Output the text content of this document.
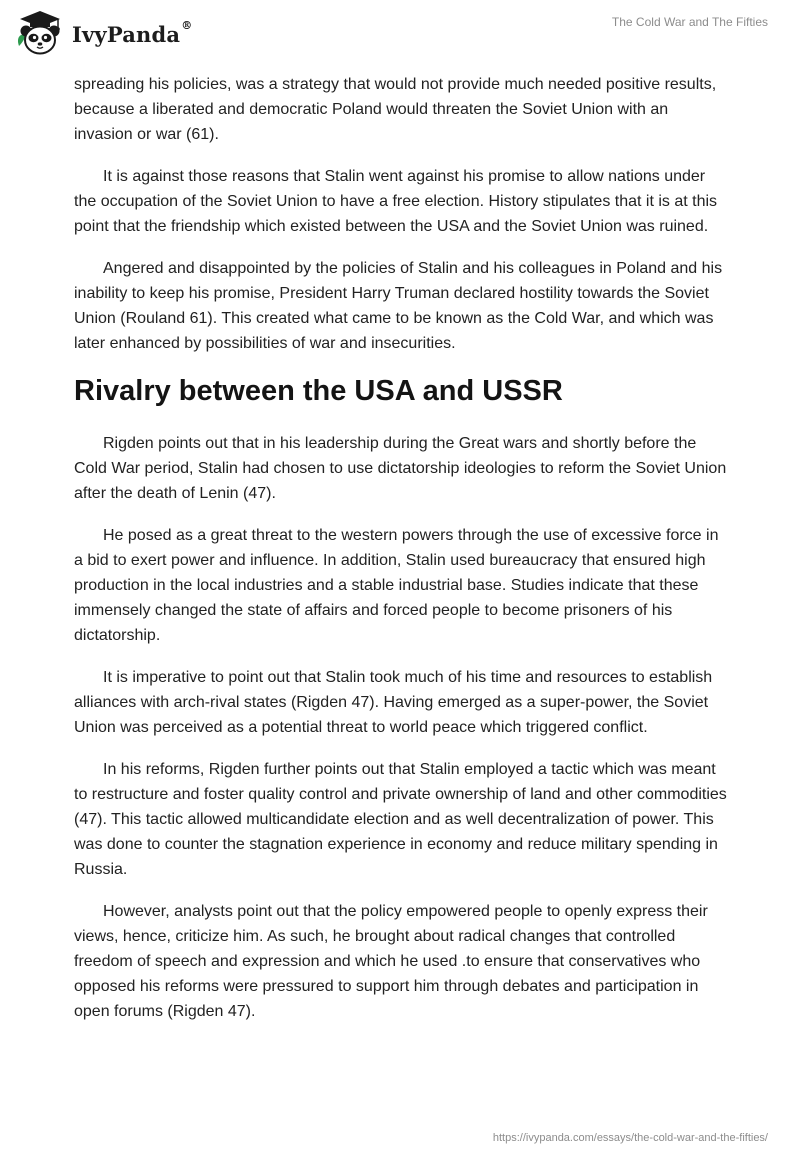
IvyPanda®	The Cold War and The Fifties

spreading his policies, was a strategy that would not provide much needed positive results, because a liberated and democratic Poland would threaten the Soviet Union with an invasion or war (61).

It is against those reasons that Stalin went against his promise to allow nations under the occupation of the Soviet Union to have a free election. History stipulates that it is at this point that the friendship which existed between the USA and the Soviet Union was ruined.

Angered and disappointed by the policies of Stalin and his colleagues in Poland and his inability to keep his promise, President Harry Truman declared hostility towards the Soviet Union (Rouland 61). This created what came to be known as the Cold War, and which was later enhanced by possibilities of war and insecurities.

Rivalry between the USA and USSR

Rigden points out that in his leadership during the Great wars and shortly before the Cold War period, Stalin had chosen to use dictatorship ideologies to reform the Soviet Union after the death of Lenin (47).

He posed as a great threat to the western powers through the use of excessive force in a bid to exert power and influence. In addition, Stalin used bureaucracy that ensured high production in the local industries and a stable industrial base. Studies indicate that these immensely changed the state of affairs and forced people to become prisoners of his dictatorship.

It is imperative to point out that Stalin took much of his time and resources to establish alliances with arch-rival states (Rigden 47). Having emerged as a super-power, the Soviet Union was perceived as a potential threat to world peace which triggered conflict.

In his reforms, Rigden further points out that Stalin employed a tactic which was meant to restructure and foster quality control and private ownership of land and other commodities (47). This tactic allowed multicandidate election and as well decentralization of power. This was done to counter the stagnation experience in economy and reduce military spending in Russia.

However, analysts point out that the policy empowered people to openly express their views, hence, criticize him. As such, he brought about radical changes that controlled freedom of speech and expression and which he used .to ensure that conservatives who opposed his reforms were pressured to support him through debates and participation in open forums (Rigden 47).

https://ivypanda.com/essays/the-cold-war-and-the-fifties/
